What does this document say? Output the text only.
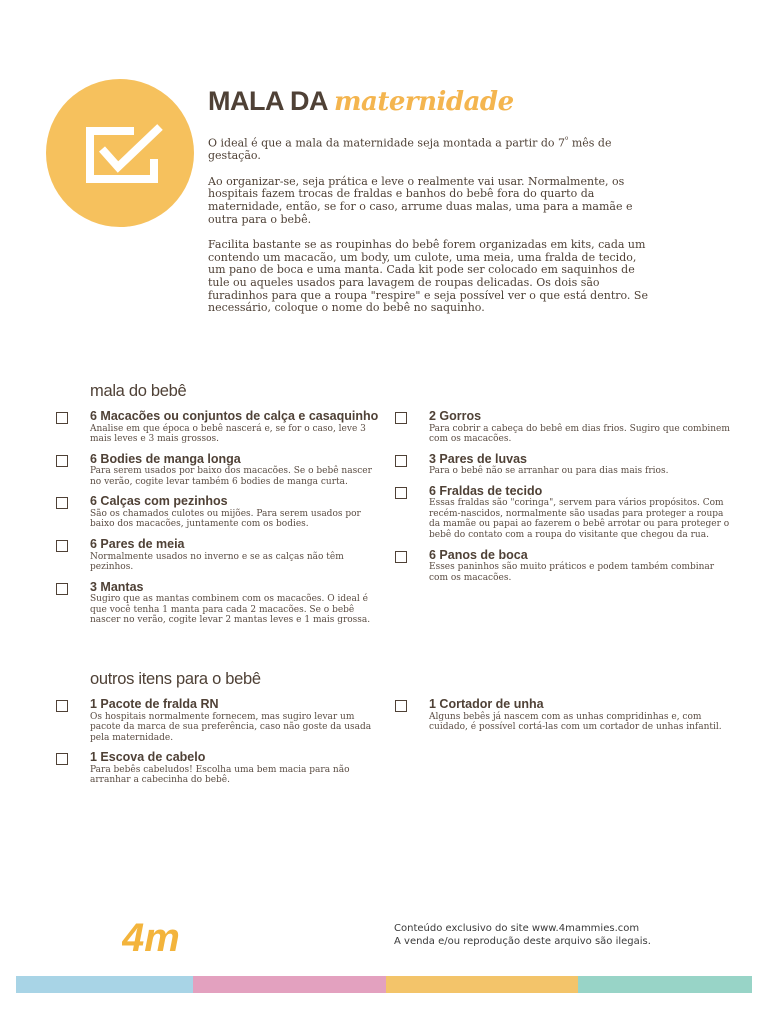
MALA DA maternidade

O ideal é que a mala da maternidade seja montada a partir do $7^º$ mês de gestação.

Ao organizar-se, seja prática e leve o realmente vai usar. Normalmente, os hospitais fazem trocas de fraldas e banhos do bebê fora do quarto da maternidade, então, se for o caso, arrume duas malas, uma para a mamãe e outra para o bebê.

Facilita bastante se as roupinhas do bebê forem organizadas em kits, cada um contendo um macacão, um body, um culote, uma meia, uma fralda de tecido, um pano de boca e uma manta. Cada kit pode ser colocado em saquinhos de tule ou aqueles usados para lavagem de roupas delicadas. Os dois são furadinhos para que a roupa "respire" e seja possível ver o que está dentro. Se necessário, coloque o nome do bebê no saquinho.

mala do bebê
6 Macacões ou conjuntos de calça e casaquinho
Analise em que época o bebê nascerá e, se for o caso, leve 3 mais leves e 3 mais grossos.
6 Bodies de manga longa
Para serem usados por baixo dos macacões. Se o bebê nascer no verão, cogite levar também 6 bodies de manga curta.
6 Calças com pezinhos
São os chamados culotes ou mijões. Para serem usados por baixo dos macacões, juntamente com os bodies.
6 Pares de meia
Normalmente usados no inverno e se as calças não têm pezinhos.
3 Mantas
Sugiro que as mantas combinem com os macacões. O ideal é que você tenha 1 manta para cada 2 macacões. Se o bebê nascer no verão, cogite levar 2 mantas leves e 1 mais grossa.
2 Gorros
Para cobrir a cabeça do bebê em dias frios. Sugiro que combinem com os macacões.
3 Pares de luvas
Para o bebê não se arranhar ou para dias mais frios.
6 Fraldas de tecido
Essas fraldas são "coringa", servem para vários propósitos. Com recém-nascidos, normalmente são usadas para proteger a roupa da mamãe ou papai ao fazerem o bebê arrotar ou para proteger o bebê do contato com a roupa do visitante que chegou da rua.
6 Panos de boca
Esses paninhos são muito práticos e podem também combinar com os macacões.
outros itens para o bebê
1 Pacote de fralda RN
Os hospitais normalmente fornecem, mas sugiro levar um pacote da marca de sua preferência, caso não goste da usada pela maternidade.
1 Escova de cabelo
Para bebês cabeludos! Escolha uma bem macia para não arranhar a cabecinha do bebê.
1 Cortador de unha
Alguns bebês já nascem com as unhas compridinhas e, com cuidado, é possível cortá-las com um cortador de unhas infantil.
4m	Conteúdo exclusivo do site www.4mammies.com
A venda e/ou reprodução deste arquivo são ilegais.
